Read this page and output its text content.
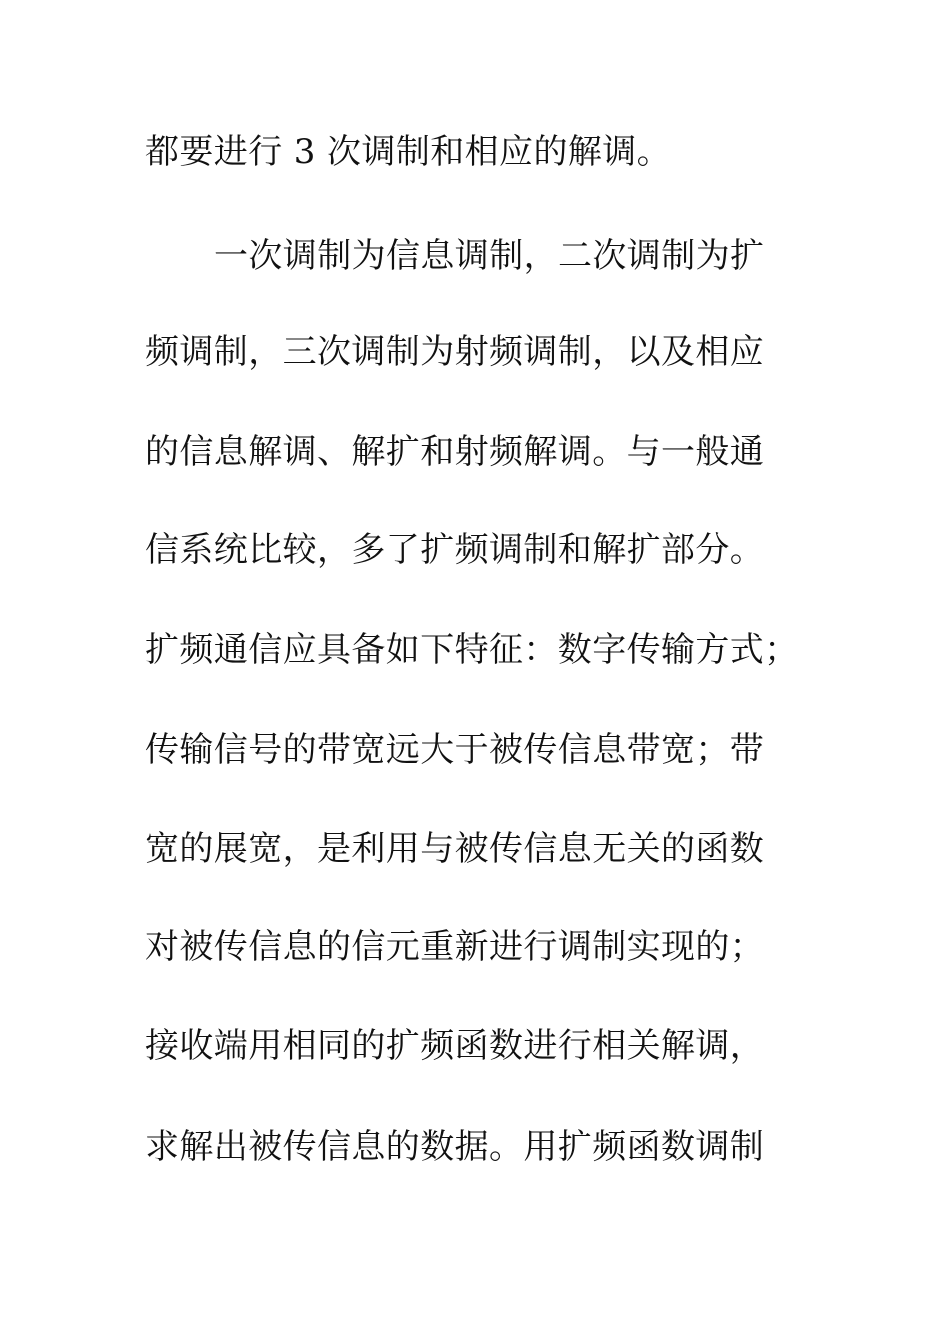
都要进行 3 次调制和相应的解调。
一次调制为信息调制，二次调制为扩
频调制，三次调制为射频调制，以及相应
的信息解调、解扩和射频解调。与一般通
信系统比较，多了扩频调制和解扩部分。
扩频通信应具备如下特征：数字传输方式；
传输信号的带宽远大于被传信息带宽；带
宽的展宽，是利用与被传信息无关的函数
对被传信息的信元重新进行调制实现的；
接收端用相同的扩频函数进行相关解调，
求解出被传信息的数据。用扩频函数调制
